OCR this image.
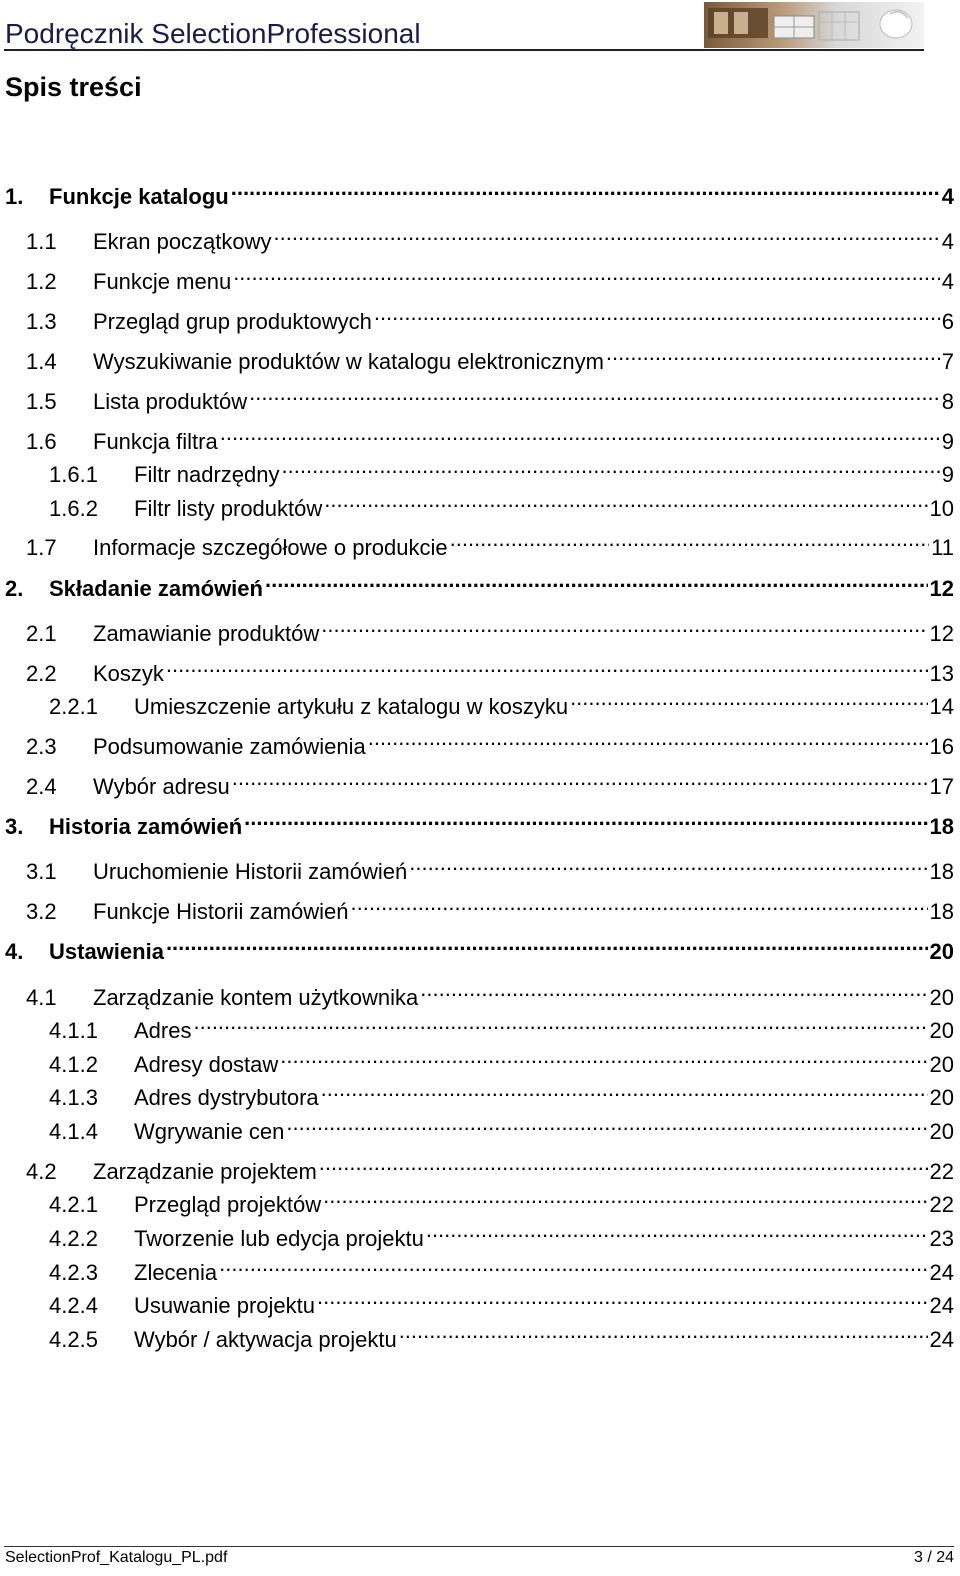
Podręcznik SelectionProfessional
Spis treści
1.	Funkcje katalogu .....	4
1.1	Ekran początkowy .....	4
1.2	Funkcje menu .....	4
1.3	Przegląd grup produktowych .....	6
1.4	Wyszukiwanie produktów w katalogu elektronicznym .....	7
1.5	Lista produktów .....	8
1.6	Funkcja filtra .....	9
1.6.1	Filtr nadrzędny .....	9
1.6.2	Filtr listy produktów .....	10
1.7	Informacje szczegółowe o produkcie .....	11
2.	Składanie zamówień .....	12
2.1	Zamawianie produktów .....	12
2.2	Koszyk .....	13
2.2.1	Umieszczenie artykułu z katalogu w koszyku .....	14
2.3	Podsumowanie zamówienia .....	16
2.4	Wybór adresu .....	17
3.	Historia zamówień .....	18
3.1	Uruchomienie Historii zamówień .....	18
3.2	Funkcje Historii zamówień .....	18
4.	Ustawienia .....	20
4.1	Zarządzanie kontem użytkownika .....	20
4.1.1	Adres .....	20
4.1.2	Adresy dostaw .....	20
4.1.3	Adres dystrybutora .....	20
4.1.4	Wgrywanie cen .....	20
4.2	Zarządzanie projektem .....	22
4.2.1	Przegląd projektów .....	22
4.2.2	Tworzenie lub edycja projektu .....	23
4.2.3	Zlecenia .....	24
4.2.4	Usuwanie projektu .....	24
4.2.5	Wybór / aktywacja projektu .....	24
SelectionProf_Katalogu_PL.pdf	3 / 24
